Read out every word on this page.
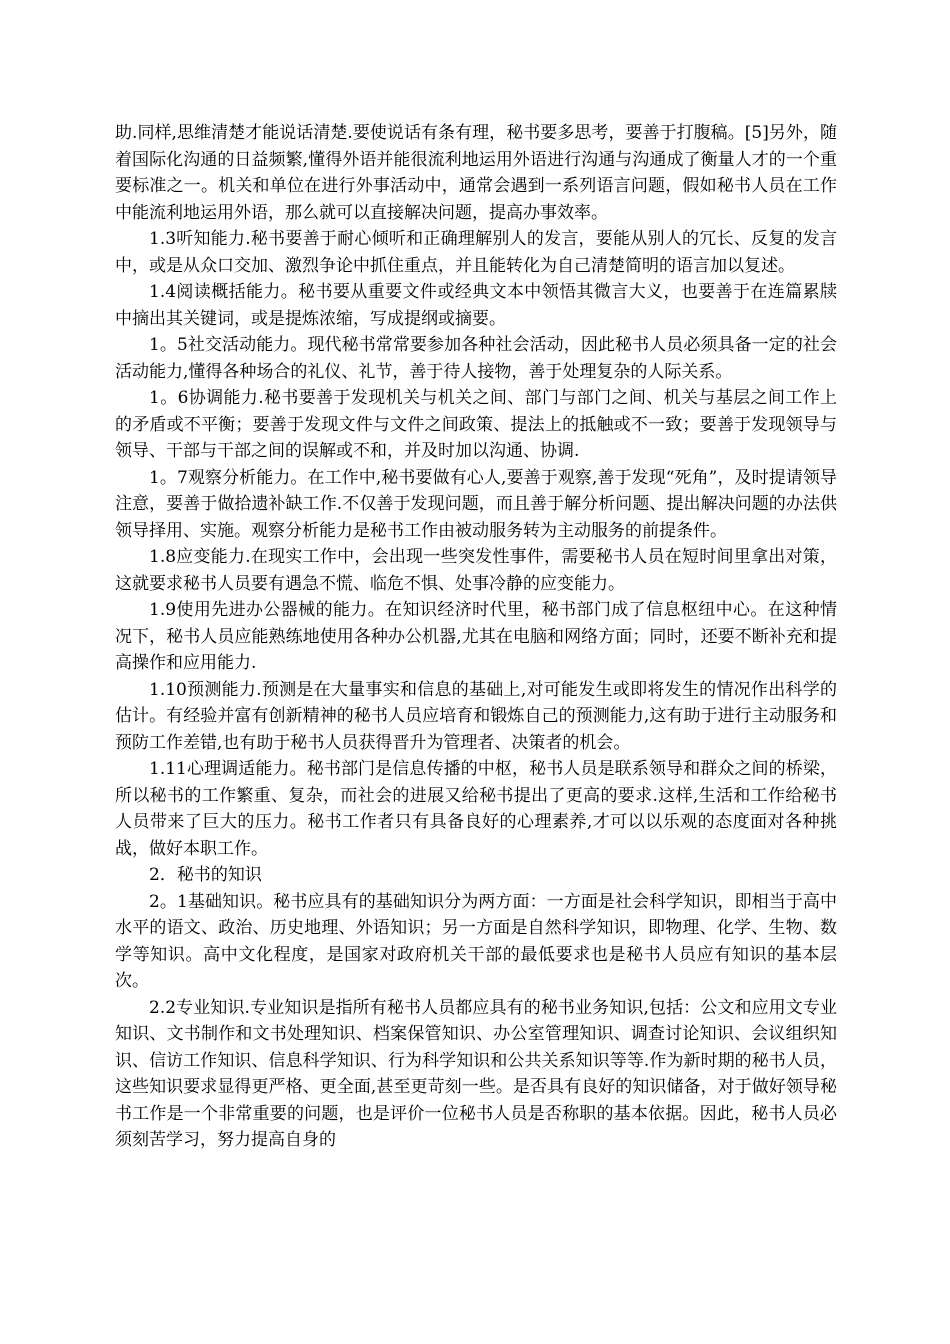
助.同样,思维清楚才能说话清楚.要使说话有条有理，秘书要多思考，要善于打腹稿。[5]另外，随着国际化沟通的日益频繁,懂得外语并能很流利地运用外语进行沟通与沟通成了衡量人才的一个重要标准之一。机关和单位在进行外事活动中，通常会遇到一系列语言问题，假如秘书人员在工作中能流利地运用外语，那么就可以直接解决问题，提高办事效率。

1.3听知能力.秘书要善于耐心倾听和正确理解别人的发言，要能从别人的冗长、反复的发言中，或是从众口交加、激烈争论中抓住重点，并且能转化为自己清楚简明的语言加以复述。

1.4阅读概括能力。秘书要从重要文件或经典文本中领悟其微言大义，也要善于在连篇累牍中摘出其关键词，或是提炼浓缩，写成提纲或摘要。

1。5社交活动能力。现代秘书常常要参加各种社会活动，因此秘书人员必须具备一定的社会活动能力,懂得各种场合的礼仪、礼节，善于待人接物，善于处理复杂的人际关系。

1。6协调能力.秘书要善于发现机关与机关之间、部门与部门之间、机关与基层之间工作上的矛盾或不平衡；要善于发现文件与文件之间政策、提法上的抵触或不一致；要善于发现领导与领导、干部与干部之间的误解或不和，并及时加以沟通、协调.

1。7观察分析能力。在工作中,秘书要做有心人,要善于观察,善于发现“死角”，及时提请领导注意，要善于做拾遗补缺工作.不仅善于发现问题，而且善于解分析问题、提出解决问题的办法供领导择用、实施。观察分析能力是秘书工作由被动服务转为主动服务的前提条件。

1.8应变能力.在现实工作中，会出现一些突发性事件，需要秘书人员在短时间里拿出对策，这就要求秘书人员要有遇急不慌、临危不惧、处事冷静的应变能力。

1.9使用先进办公器械的能力。在知识经济时代里，秘书部门成了信息枢纽中心。在这种情况下，秘书人员应能熟练地使用各种办公机器,尤其在电脑和网络方面；同时，还要不断补充和提高操作和应用能力.

1.10预测能力.预测是在大量事实和信息的基础上,对可能发生或即将发生的情况作出科学的估计。有经验并富有创新精神的秘书人员应培育和锻炼自己的预测能力,这有助于进行主动服务和预防工作差错,也有助于秘书人员获得晋升为管理者、决策者的机会。

1.11心理调适能力。秘书部门是信息传播的中枢，秘书人员是联系领导和群众之间的桥梁，所以秘书的工作繁重、复杂，而社会的进展又给秘书提出了更高的要求.这样,生活和工作给秘书人员带来了巨大的压力。秘书工作者只有具备良好的心理素养,才可以以乐观的态度面对各种挑战，做好本职工作。

2．秘书的知识

2。1基础知识。秘书应具有的基础知识分为两方面：一方面是社会科学知识，即相当于高中水平的语文、政治、历史地理、外语知识；另一方面是自然科学知识，即物理、化学、生物、数学等知识。高中文化程度，是国家对政府机关干部的最低要求也是秘书人员应有知识的基本层次。

2.2专业知识.专业知识是指所有秘书人员都应具有的秘书业务知识,包括：公文和应用文专业知识、文书制作和文书处理知识、档案保管知识、办公室管理知识、调查讨论知识、会议组织知识、信访工作知识、信息科学知识、行为科学知识和公共关系知识等等.作为新时期的秘书人员，这些知识要求显得更严格、更全面,甚至更苛刻一些。是否具有良好的知识储备，对于做好领导秘书工作是一个非常重要的问题，也是评价一位秘书人员是否称职的基本依据。因此，秘书人员必须刻苦学习，努力提高自身的
